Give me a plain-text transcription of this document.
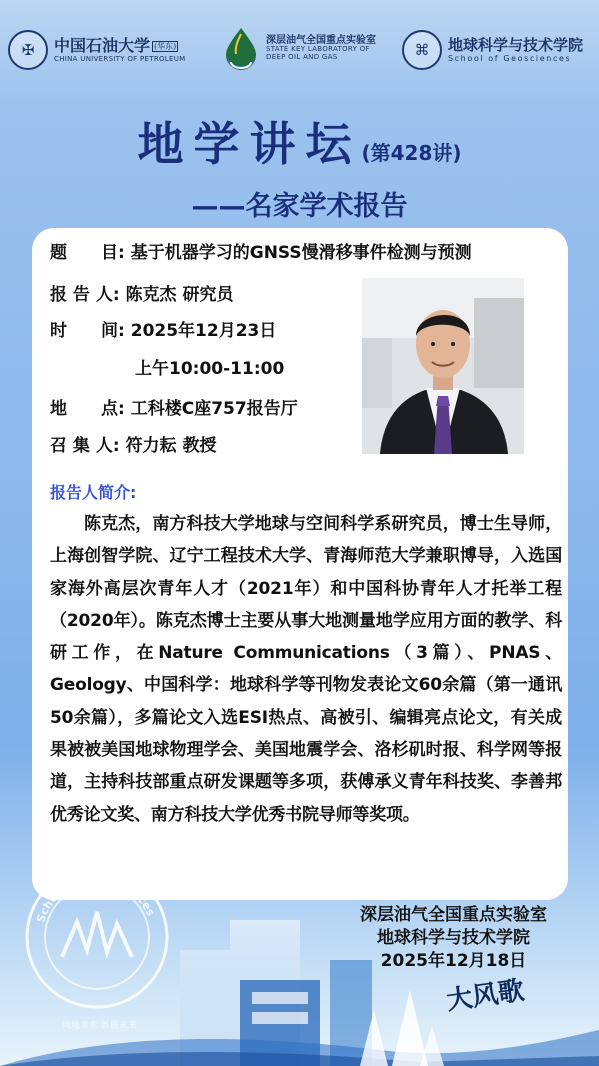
✠	中国石油大学 (华东)
CHINA UNIVERSITY OF PETROLEUM
深层油气全国重点实验室
STATE KEY LABORATORY OF
DEEP OIL AND GAS	⌘	地球科学与技术学院
School of Geosciences
地学讲坛(第428讲)
——名家学术报告
题　　目: 基于机器学习的GNSS慢滑移事件检测与预测
报 告 人: 陈克杰 研究员
时　　间: 2025年12月23日
上午10:00-11:00
地　　点: 工科楼C座757报告厅
召 集 人: 符力耘 教授
报告人简介:
陈克杰，南方科技大学地球与空间科学系研究员，博士生导师，上海创智学院、辽宁工程技术大学、青海师范大学兼职博导，入选国家海外高层次青年人才（2021年）和中国科协青年人才托举工程（2020年）。陈克杰博士主要从事大地测量地学应用方面的教学、科研工作，在Nature Communications（3篇）、PNAS、Geology、中国科学：地球科学等刊物发表论文60余篇（第一通讯50余篇），多篇论文入选ESI热点、高被引、编辑亮点论文，有关成果被被美国地球物理学会、美国地震学会、洛杉矶时报、科学网等报道，主持科技部重点研发课题等多项，获傅承义青年科技奖、李善邦优秀论文奖、南方科技大学优秀书院导师等奖项。
School of Geosciences
向地求索 新质未来
大风歌
深层油气全国重点实验室
地球科学与技术学院
2025年12月18日
